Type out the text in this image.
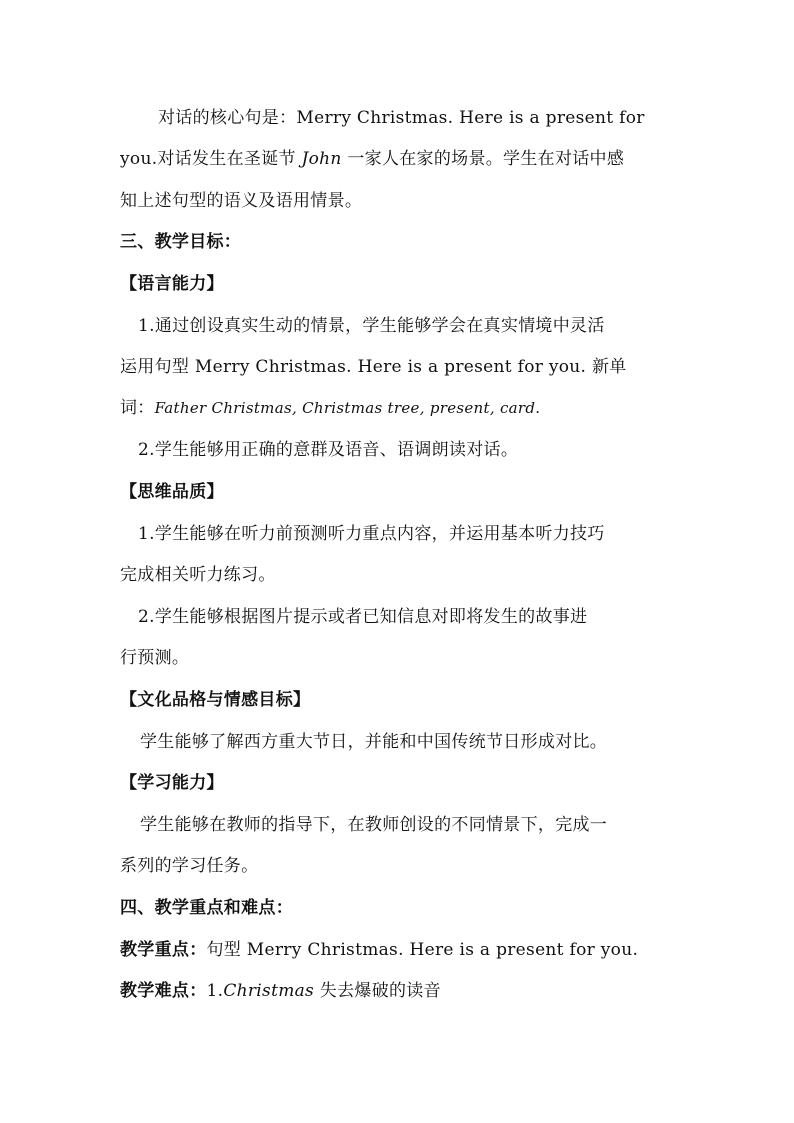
对话的核心句是：Merry Christmas. Here is a present for
you.对话发生在圣诞节 John 一家人在家的场景。学生在对话中感
知上述句型的语义及语用情景。
三、教学目标：
【语言能力】
1.通过创设真实生动的情景，学生能够学会在真实情境中灵活
运用句型 Merry Christmas. Here is a present for you. 新单
词：Father Christmas, Christmas tree, present, card.
2.学生能够用正确的意群及语音、语调朗读对话。
【思维品质】
1.学生能够在听力前预测听力重点内容，并运用基本听力技巧
完成相关听力练习。
2.学生能够根据图片提示或者已知信息对即将发生的故事进
行预测。
【文化品格与情感目标】
学生能够了解西方重大节日，并能和中国传统节日形成对比。
【学习能力】
学生能够在教师的指导下，在教师创设的不同情景下，完成一
系列的学习任务。
四、教学重点和难点：
教学重点：句型 Merry Christmas. Here is a present for you.
教学难点：1.Christmas 失去爆破的读音
